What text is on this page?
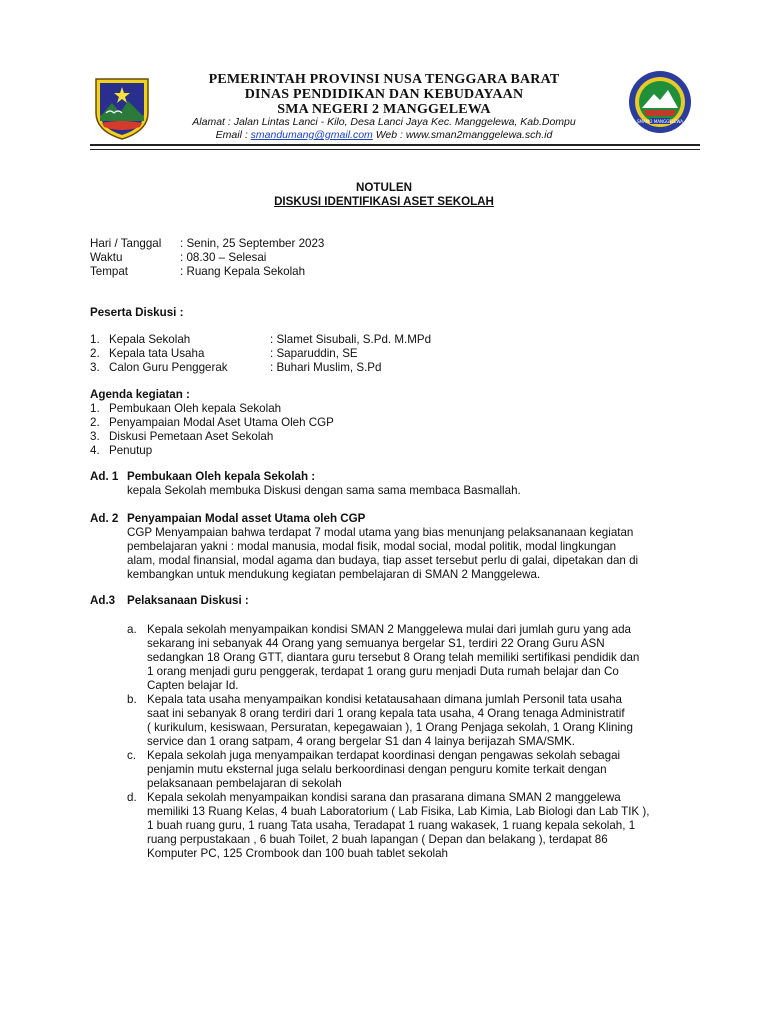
SMAN 2 MANGGELEWA
PEMERINTAH PROVINSI NUSA TENGGARA BARAT
DINAS PENDIDIKAN DAN KEBUDAYAAN
SMA NEGERI 2 MANGGELEWA
Alamat : Jalan Lintas Lanci - Kilo, Desa Lanci Jaya Kec. Manggelewa, Kab.Dompu
Email : smandumang@gmail.com Web : www.sman2manggelewa.sch.id
NOTULEN
DISKUSI IDENTIFIKASI ASET SEKOLAH
Hari / Tanggal : Senin, 25 September 2023
Waktu	: 08.30 – Selesai
Tempat	: Ruang Kepala Sekolah
Peserta Diskusi :
1. Kepala Sekolah	: Slamet Sisubali, S.Pd. M.MPd
2. Kepala tata Usaha	: Saparuddin, SE
3. Calon Guru Penggerak	: Buhari Muslim, S.Pd
Agenda kegiatan :
1. Pembukaan Oleh kepala Sekolah
2. Penyampaian Modal Aset Utama Oleh CGP
3. Diskusi Pemetaan Aset Sekolah
4. Penutup
Ad. 1 Pembukaan Oleh kepala Sekolah :
kepala Sekolah membuka Diskusi dengan sama sama membaca Basmallah.
Ad. 2 Penyampaian Modal asset Utama oleh CGP
CGP Menyampaian bahwa terdapat 7 modal utama yang bias menunjang pelaksananaan kegiatan
pembelajaran yakni : modal manusia, modal fisik, modal social, modal politik, modal lingkungan
alam, modal finansial, modal agama dan budaya, tiap asset tersebut perlu di galai, dipetakan dan di
kembangkan untuk mendukung kegiatan pembelajaran di SMAN 2 Manggelewa.
Ad.3 Pelaksanaan Diskusi :
a. Kepala sekolah menyampaikan kondisi SMAN 2 Manggelewa mulai dari jumlah guru yang ada
sekarang ini sebanyak 44 Orang yang semuanya bergelar S1, terdiri 22 Orang Guru ASN
sedangkan 18 Orang GTT, diantara guru tersebut 8 Orang telah memiliki sertifikasi pendidik dan
1 orang menjadi guru penggerak, terdapat 1 orang guru menjadi Duta rumah belajar dan Co
Capten belajar Id.
b. Kepala tata usaha menyampaikan kondisi ketatausahaan dimana jumlah Personil tata usaha
saat ini sebanyak 8 orang terdiri dari 1 orang kepala tata usaha, 4 Orang tenaga Administratif
( kurikulum, kesiswaan, Persuratan, kepegawaian ), 1 Orang Penjaga sekolah, 1 Orang Klining
service dan 1 orang satpam, 4 orang bergelar S1 dan 4 lainya berijazah SMA/SMK.
c. Kepala sekolah juga menyampaikan terdapat koordinasi dengan pengawas sekolah sebagai
penjamin mutu eksternal juga selalu berkoordinasi dengan penguru komite terkait dengan
pelaksanaan pembelajaran di sekolah
d. Kepala sekolah menyampaikan kondisi sarana dan prasarana dimana SMAN 2 manggelewa
memiliki 13 Ruang Kelas, 4 buah Laboratorium ( Lab Fisika, Lab Kimia, Lab Biologi dan Lab TIK ),
1 buah ruang guru, 1 ruang Tata usaha, Teradapat 1 ruang wakasek, 1 ruang kepala sekolah, 1
ruang perpustakaan , 6 buah Toilet, 2 buah lapangan ( Depan dan belakang ), terdapat 86
Komputer PC, 125 Crombook dan 100 buah tablet sekolah
